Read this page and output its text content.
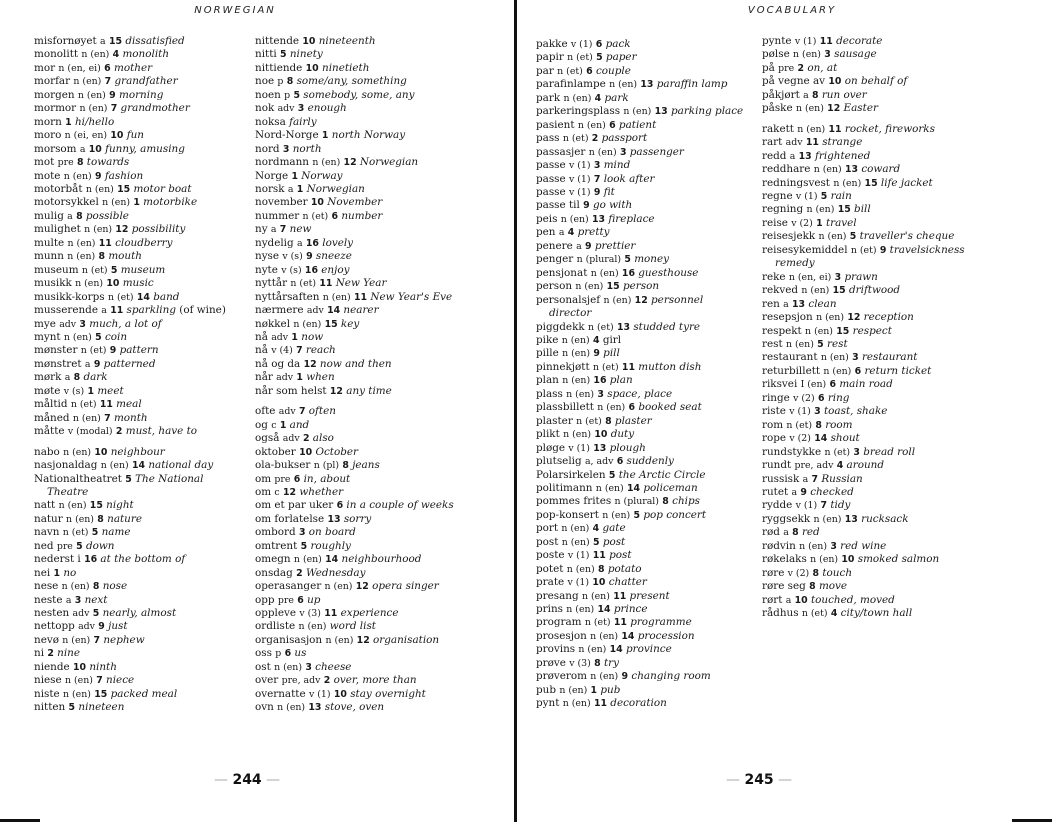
NORWEGIAN
misfornøyet a 15 dissatisfied
monolitt n (en) 4 monolith
mor n (en, ei) 6 mother
morfar n (en) 7 grandfather
morgen n (en) 9 morning
mormor n (en) 7 grandmother
morn 1 hi/hello
moro n (ei, en) 10 fun
morsom a 10 funny, amusing
mot pre 8 towards
mote n (en) 9 fashion
motorbåt n (en) 15 motor boat
motorsykkel n (en) 1 motorbike
mulig a 8 possible
mulighet n (en) 12 possibility
multe n (en) 11 cloudberry
munn n (en) 8 mouth
museum n (et) 5 museum
musikk n (en) 10 music
musikk-korps n (et) 14 band
musserende a 11 sparkling (of wine)
mye adv 3 much, a lot of
mynt n (en) 5 coin
mønster n (et) 9 pattern
mønstret a 9 patterned
mørk a 8 dark
møte v (s) 1 meet
måltid n (et) 11 meal
måned n (en) 7 month
måtte v (modal) 2 must, have to
nabo n (en) 10 neighbour
nasjonaldag n (en) 14 national day
Nationaltheatret 5 The National
Theatre
natt n (en) 15 night
natur n (en) 8 nature
navn n (et) 5 name
ned pre 5 down
nederst i 16 at the bottom of
nei 1 no
nese n (en) 8 nose
neste a 3 next
nesten adv 5 nearly, almost
nettopp adv 9 just
nevø n (en) 7 nephew
ni 2 nine
niende 10 ninth
niese n (en) 7 niece
niste n (en) 15 packed meal
nitten 5 nineteen
nittende 10 nineteenth
nitti 5 ninety
nittiende 10 ninetieth
noe p 8 some/any, something
noen p 5 somebody, some, any
nok adv 3 enough
noksa fairly
Nord-Norge 1 north Norway
nord 3 north
nordmann n (en) 12 Norwegian
Norge 1 Norway
norsk a 1 Norwegian
november 10 November
nummer n (et) 6 number
ny a 7 new
nydelig a 16 lovely
nyse v (s) 9 sneeze
nyte v (s) 16 enjoy
nyttår n (et) 11 New Year
nyttårsaften n (en) 11 New Year's Eve
nærmere adv 14 nearer
nøkkel n (en) 15 key
nå adv 1 now
nå v (4) 7 reach
nå og da 12 now and then
når adv 1 when
når som helst 12 any time
ofte adv 7 often
og c 1 and
også adv 2 also
oktober 10 October
ola-bukser n (pl) 8 jeans
om pre 6 in, about
om c 12 whether
om et par uker 6 in a couple of weeks
om forlatelse 13 sorry
ombord 3 on board
omtrent 5 roughly
omegn n (en) 14 neighbourhood
onsdag 2 Wednesday
operasanger n (en) 12 opera singer
opp pre 6 up
oppleve v (3) 11 experience
ordliste n (en) word list
organisasjon n (en) 12 organisation
oss p 6 us
ost n (en) 3 cheese
over pre, adv 2 over, more than
overnatte v (1) 10 stay overnight
ovn n (en) 13 stove, oven
— 244 —
VOCABULARY
pakke v (1) 6 pack
papir n (et) 5 paper
par n (et) 6 couple
parafinlampe n (en) 13 paraffin lamp
park n (en) 4 park
parkeringsplass n (en) 13 parking place
pasient n (en) 6 patient
pass n (et) 2 passport
passasjer n (en) 3 passenger
passe v (1) 3 mind
passe v (1) 7 look after
passe v (1) 9 fit
passe til 9 go with
peis n (en) 13 fireplace
pen a 4 pretty
penere a 9 prettier
penger n (plural) 5 money
pensjonat n (en) 16 guesthouse
person n (en) 15 person
personalsjef n (en) 12 personnel
director
piggdekk n (et) 13 studded tyre
pike n (en) 4 girl
pille n (en) 9 pill
pinnekjøtt n (et) 11 mutton dish
plan n (en) 16 plan
plass n (en) 3 space, place
plassbillett n (en) 6 booked seat
plaster n (et) 8 plaster
plikt n (en) 10 duty
pløge v (1) 13 plough
plutselig a, adv 6 suddenly
Polarsirkelen 5 the Arctic Circle
politimann n (en) 14 policeman
pommes frites n (plural) 8 chips
pop-konsert n (en) 5 pop concert
port n (en) 4 gate
post n (en) 5 post
poste v (1) 11 post
potet n (en) 8 potato
prate v (1) 10 chatter
presang n (en) 11 present
prins n (en) 14 prince
program n (et) 11 programme
prosesjon n (en) 14 procession
provins n (en) 14 province
prøve v (3) 8 try
prøverom n (en) 9 changing room
pub n (en) 1 pub
pynt n (en) 11 decoration
pynte v (1) 11 decorate
pølse n (en) 3 sausage
på pre 2 on, at
på vegne av 10 on behalf of
påkjørt a 8 run over
påske n (en) 12 Easter
rakett n (en) 11 rocket, fireworks
rart adv 11 strange
redd a 13 frightened
reddhare n (en) 13 coward
redningsvest n (en) 15 life jacket
regne v (1) 5 rain
regning n (en) 15 bill
reise v (2) 1 travel
reisesjekk n (en) 5 traveller's cheque
reisesykemiddel n (et) 9 travelsickness
remedy
reke n (en, ei) 3 prawn
rekved n (en) 15 driftwood
ren a 13 clean
resepsjon n (en) 12 reception
respekt n (en) 15 respect
rest n (en) 5 rest
restaurant n (en) 3 restaurant
returbillett n (en) 6 return ticket
riksvei I (en) 6 main road
ringe v (2) 6 ring
riste v (1) 3 toast, shake
rom n (et) 8 room
rope v (2) 14 shout
rundstykke n (et) 3 bread roll
rundt pre, adv 4 around
russisk a 7 Russian
rutet a 9 checked
rydde v (1) 7 tidy
ryggsekk n (en) 13 rucksack
rød a 8 red
rødvin n (en) 3 red wine
røkelaks n (en) 10 smoked salmon
røre v (2) 8 touch
røre seg 8 move
rørt a 10 touched, moved
rådhus n (et) 4 city/town hall
— 245 —
